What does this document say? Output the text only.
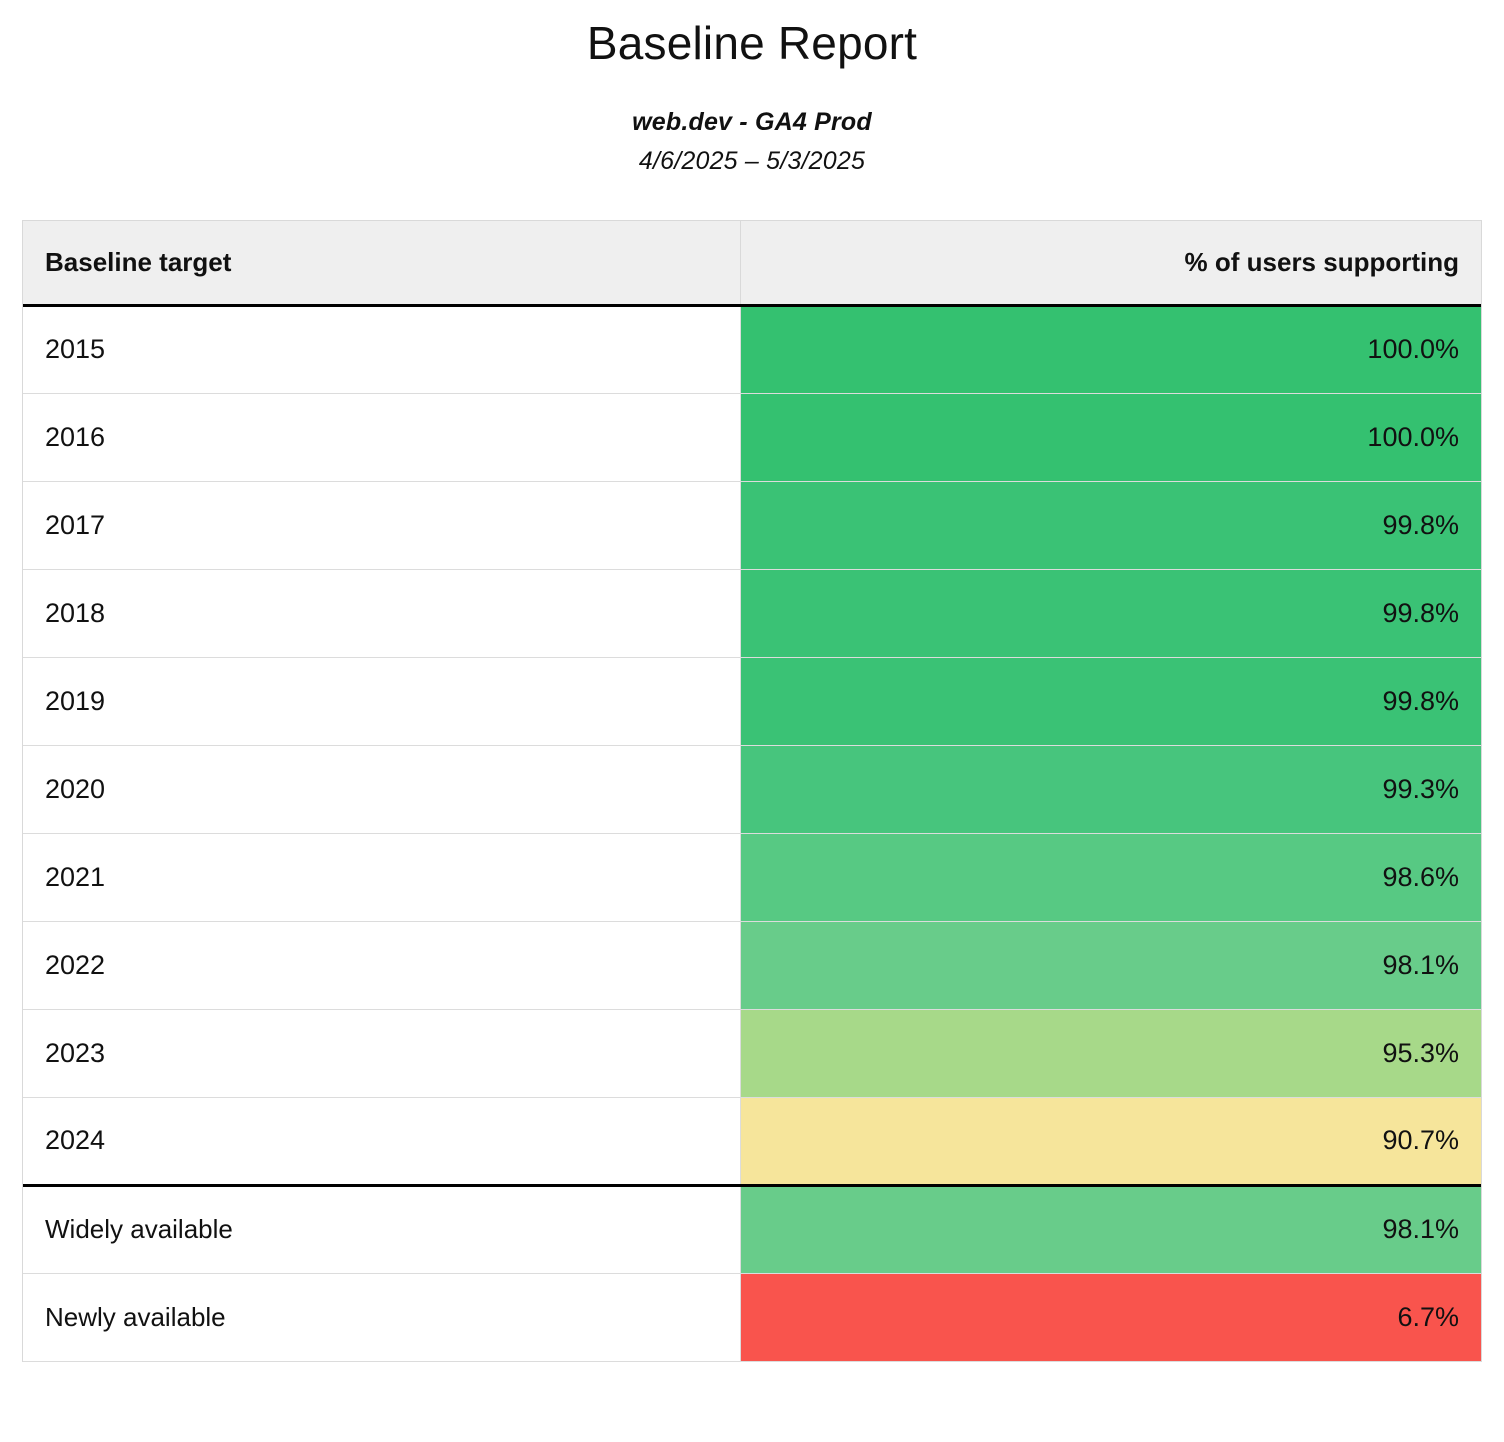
Baseline Report
web.dev - GA4 Prod
4/6/2025 – 5/3/2025
Baseline target	% of users supporting
2015	100.0%
2016	100.0%
2017	99.8%
2018	99.8%
2019	99.8%
2020	99.3%
2021	98.6%
2022	98.1%
2023	95.3%
2024	90.7%
Widely available	98.1%
Newly available	6.7%
